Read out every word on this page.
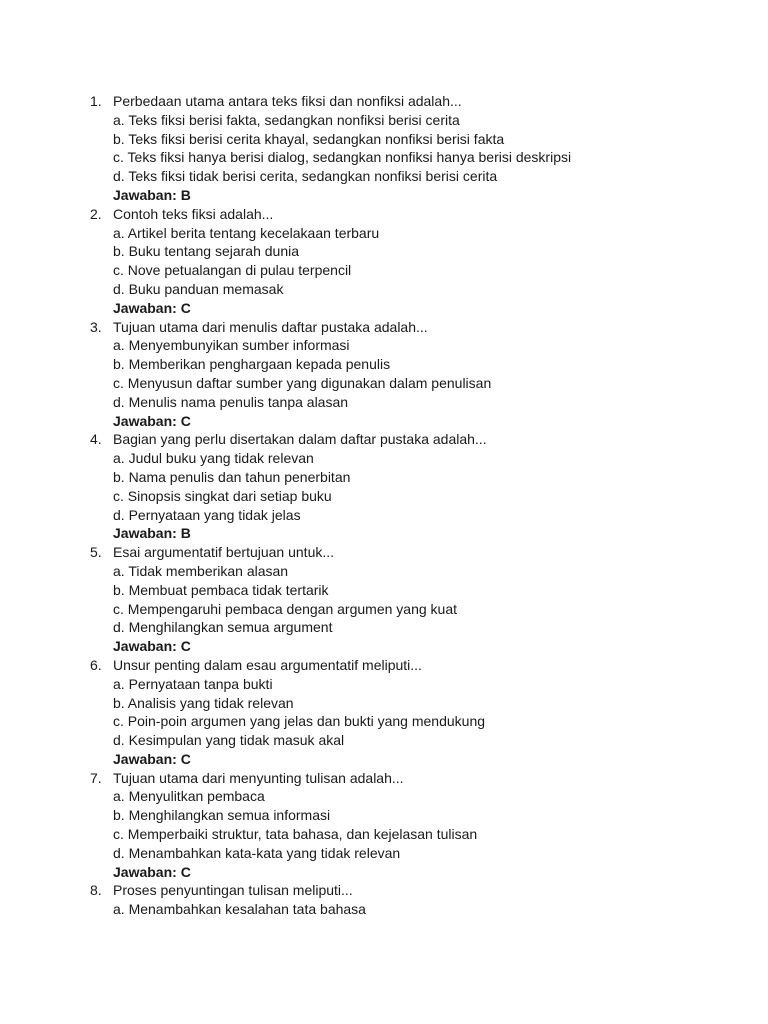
1. Perbedaan utama antara teks fiksi dan nonfiksi adalah...
a. Teks fiksi berisi fakta, sedangkan nonfiksi berisi cerita
b. Teks fiksi berisi cerita khayal, sedangkan nonfiksi berisi fakta
c. Teks fiksi hanya berisi dialog, sedangkan nonfiksi hanya berisi deskripsi
d. Teks fiksi tidak berisi cerita, sedangkan nonfiksi berisi cerita
Jawaban: B
2. Contoh teks fiksi adalah...
a. Artikel berita tentang kecelakaan terbaru
b. Buku tentang sejarah dunia
c. Nove petualangan di pulau terpencil
d. Buku panduan memasak
Jawaban: C
3. Tujuan utama dari menulis daftar pustaka adalah...
a. Menyembunyikan sumber informasi
b. Memberikan penghargaan kepada penulis
c. Menyusun daftar sumber yang digunakan dalam penulisan
d. Menulis nama penulis tanpa alasan
Jawaban: C
4. Bagian yang perlu disertakan dalam daftar pustaka adalah...
a. Judul buku yang tidak relevan
b. Nama penulis dan tahun penerbitan
c. Sinopsis singkat dari setiap buku
d. Pernyataan yang tidak jelas
Jawaban: B
5. Esai argumentatif bertujuan untuk...
a. Tidak memberikan alasan
b. Membuat pembaca tidak tertarik
c. Mempengaruhi pembaca dengan argumen yang kuat
d. Menghilangkan semua argument
Jawaban: C
6. Unsur penting dalam esau argumentatif meliputi...
a. Pernyataan tanpa bukti
b. Analisis yang tidak relevan
c. Poin-poin argumen yang jelas dan bukti yang mendukung
d. Kesimpulan yang tidak masuk akal
Jawaban: C
7. Tujuan utama dari menyunting tulisan adalah...
a. Menyulitkan pembaca
b. Menghilangkan semua informasi
c. Memperbaiki struktur, tata bahasa, dan kejelasan tulisan
d. Menambahkan kata-kata yang tidak relevan
Jawaban: C
8. Proses penyuntingan tulisan meliputi...
a. Menambahkan kesalahan tata bahasa
